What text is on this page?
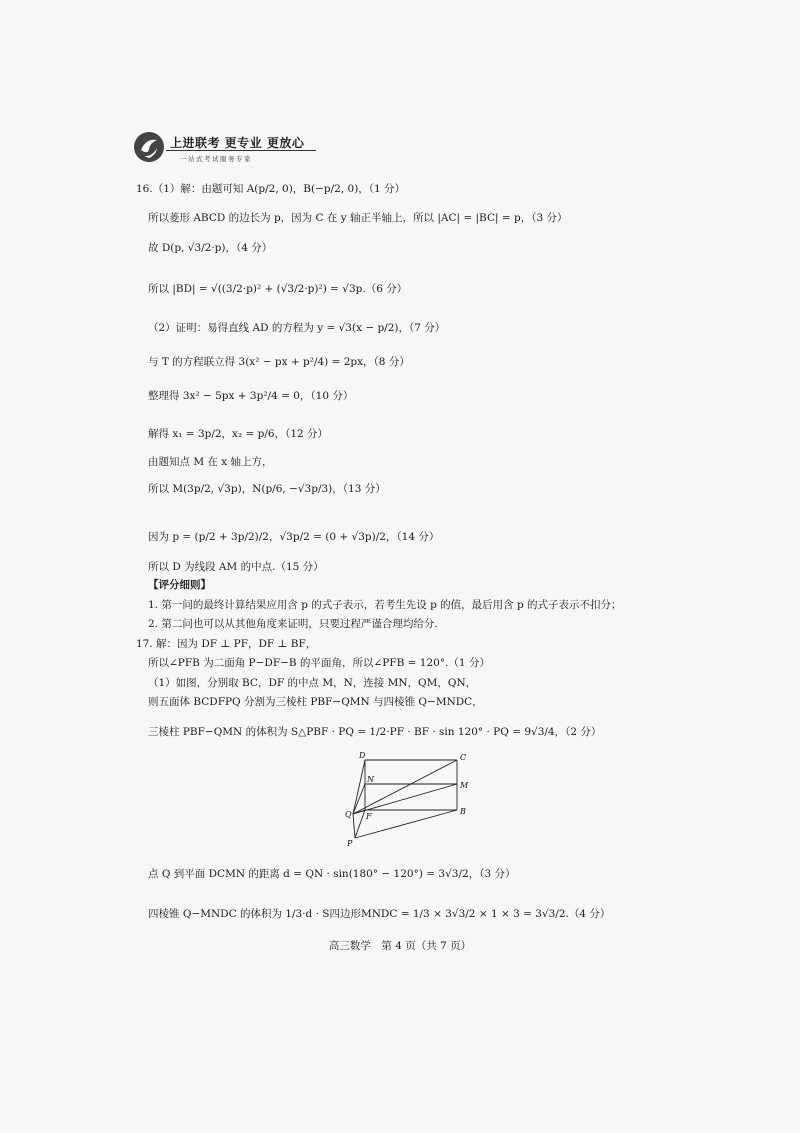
上进联考 更专业 更放心
一站式考试服务专家
16.（1）解：由题可知 A(p/2, 0)，B(−p/2, 0)，（1 分）
所以菱形 ABCD 的边长为 p，因为 C 在 y 轴正半轴上，所以 |AC| = |BC| = p，（3 分）
故 D(p, √3/2·p)，（4 分）
所以 |BD| = √((3/2·p)² + (√3/2·p)²) = √3p.（6 分）
（2）证明：易得直线 AD 的方程为 y = √3(x − p/2)，（7 分）
与 T 的方程联立得 3(x² − px + p²/4) = 2px，（8 分）
整理得 3x² − 5px + 3p²/4 = 0，（10 分）
解得 x₁ = 3p/2，x₂ = p/6，（12 分）
由题知点 M 在 x 轴上方，
所以 M(3p/2, √3p)，N(p/6, −√3p/3)，（13 分）
因为 p = (p/2 + 3p/2)/2，√3p/2 = (0 + √3p)/2，（14 分）
所以 D 为线段 AM 的中点.（15 分）
【评分细则】
1. 第一问的最终计算结果应用含 p 的式子表示，若考生先设 p 的值，最后用含 p 的式子表示不扣分；
2. 第二问也可以从其他角度来证明，只要过程严谨合理均给分.
17. 解：因为 DF ⊥ PF，DF ⊥ BF，
所以∠PFB 为二面角 P−DF−B 的平面角，所以∠PFB = 120°.（1 分）
（1）如图，分别取 BC，DF 的中点 M，N，连接 MN，QM，QN，
则五面体 BCDFPQ 分割为三棱柱 PBF−QMN 与四棱锥 Q−MNDC，
三棱柱 PBF−QMN 的体积为 S△PBF · PQ = 1/2·PF · BF · sin 120° · PQ = 9√3/4，（2 分）
点 Q 到平面 DCMN 的距离 d = QN · sin(180° − 120°) = 3√3/2，（3 分）
四棱锥 Q−MNDC 的体积为 1/3·d · S四边形MNDC = 1/3 × 3√3/2 × 1 × 3 = 3√3/2.（4 分）
D	C
N
M
Q F
B
P
高三数学　第 4 页（共 7 页）
